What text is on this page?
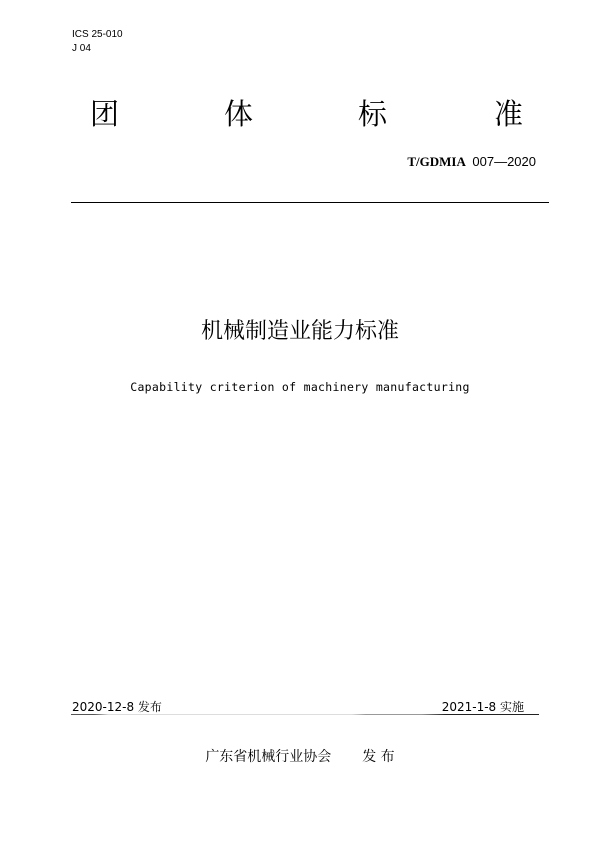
ICS 25-010
J 04
团	体	标	准
T/GDMIA 007—2020
机械制造业能力标准
Capability criterion of machinery manufacturing
2020-12-8 发布	2021-1-8 实施
广东省机械行业协会 发 布
